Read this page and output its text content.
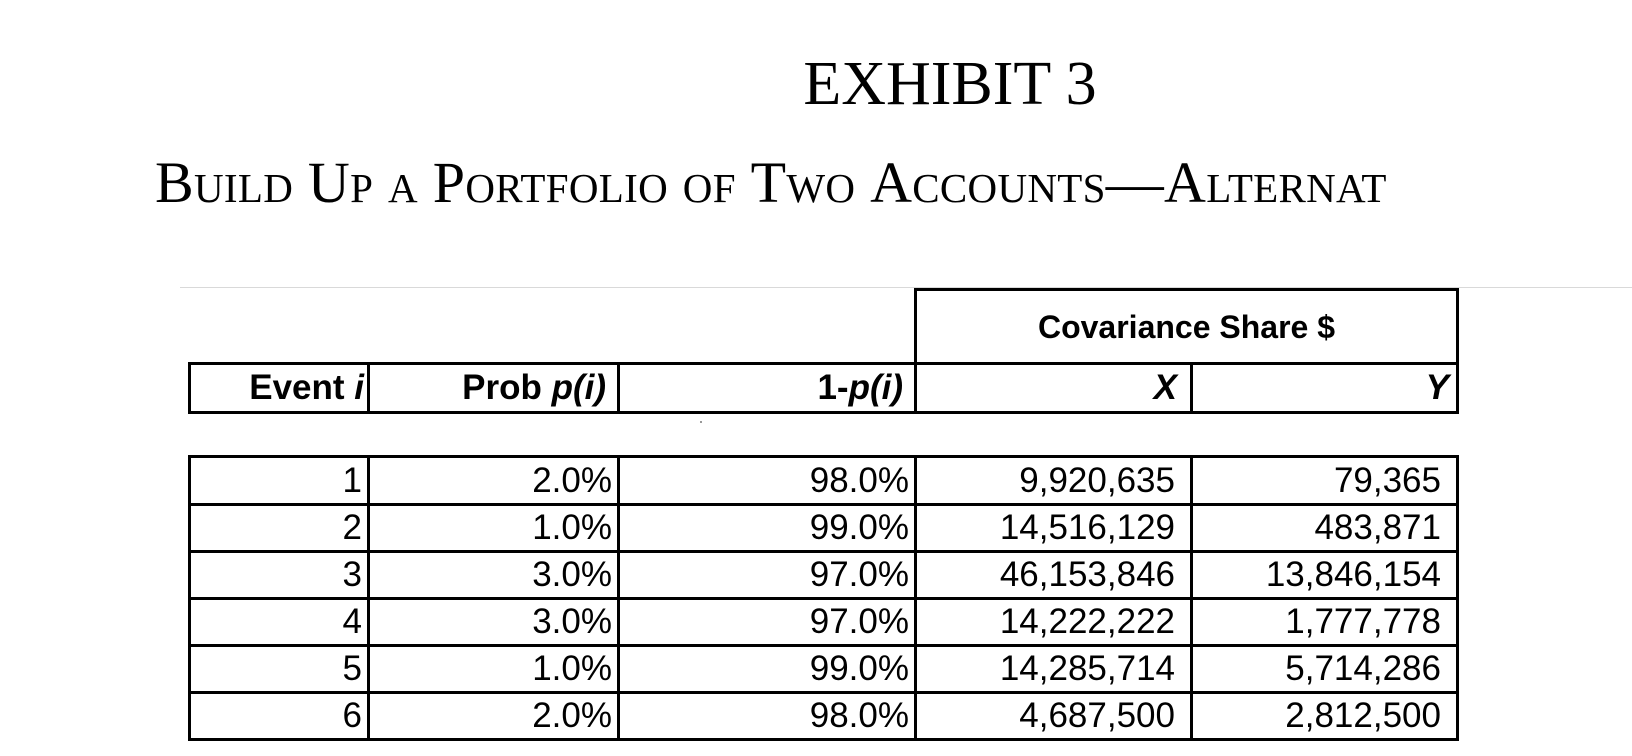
EXHIBIT 3
Build Up a Portfolio of Two Accounts—Alternat
Covariance Share $
Event i	Prob p ( i )	1- p ( i )	X	Y
1	2.0%	98.0%	9,920,635	79,365
2	1.0%	99.0%	14,516,129	483,871
3	3.0%	97.0%	46,153,846	13,846,154
4	3.0%	97.0%	14,222,222	1,777,778
5	1.0%	99.0%	14,285,714	5,714,286
6	2.0%	98.0%	4,687,500	2,812,500
